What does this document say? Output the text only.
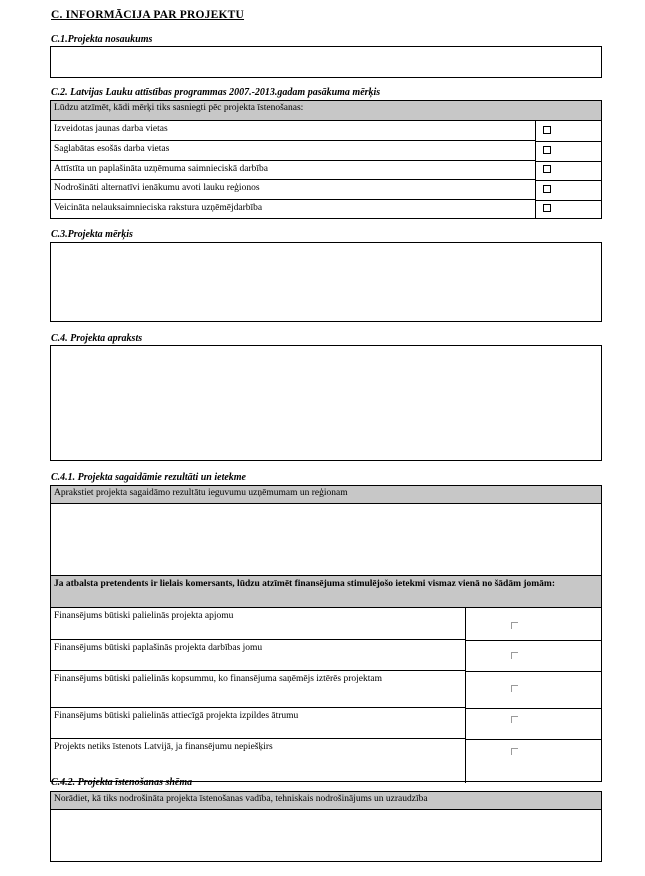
C. INFORMĀCIJA PAR PROJEKTU
C.1.Projekta nosaukums
C.2. Latvijas Lauku attīstības programmas 2007.-2013.gadam pasākuma mērķis
Lūdzu atzīmēt, kādi mērķi tiks sasniegti pēc projekta īstenošanas:
Izveidotas jaunas darba vietas
Saglabātas esošās darba vietas
Attīstīta un paplašināta uzņēmuma saimnieciskā darbība
Nodrošināti alternatīvi ienākumu avoti lauku reģionos
Veicināta nelauksaimnieciska rakstura uzņēmējdarbība
C.3.Projekta mērķis
C.4. Projekta apraksts
C.4.1. Projekta sagaidāmie rezultāti un ietekme
Aprakstiet projekta sagaidāmo rezultātu ieguvumu uzņēmumam un reģionam
Ja atbalsta pretendents ir lielais komersants, lūdzu atzīmēt finansējuma stimulējošo ietekmi vismaz vienā no šādām jomām:
Finansējums būtiski palielinās projekta apjomu
Finansējums būtiski paplašinās projekta darbības jomu
Finansējums būtiski palielinās kopsummu, ko finansējuma saņēmējs iztērēs projektam
Finansējums būtiski palielinās attiecīgā projekta izpildes ātrumu
Projekts netiks īstenots Latvijā, ja finansējumu nepiešķirs
C.4.2. Projekta īstenošanas shēma
Norādiet, kā tiks nodrošināta projekta īstenošanas vadība, tehniskais nodrošinājums un uzraudzība
